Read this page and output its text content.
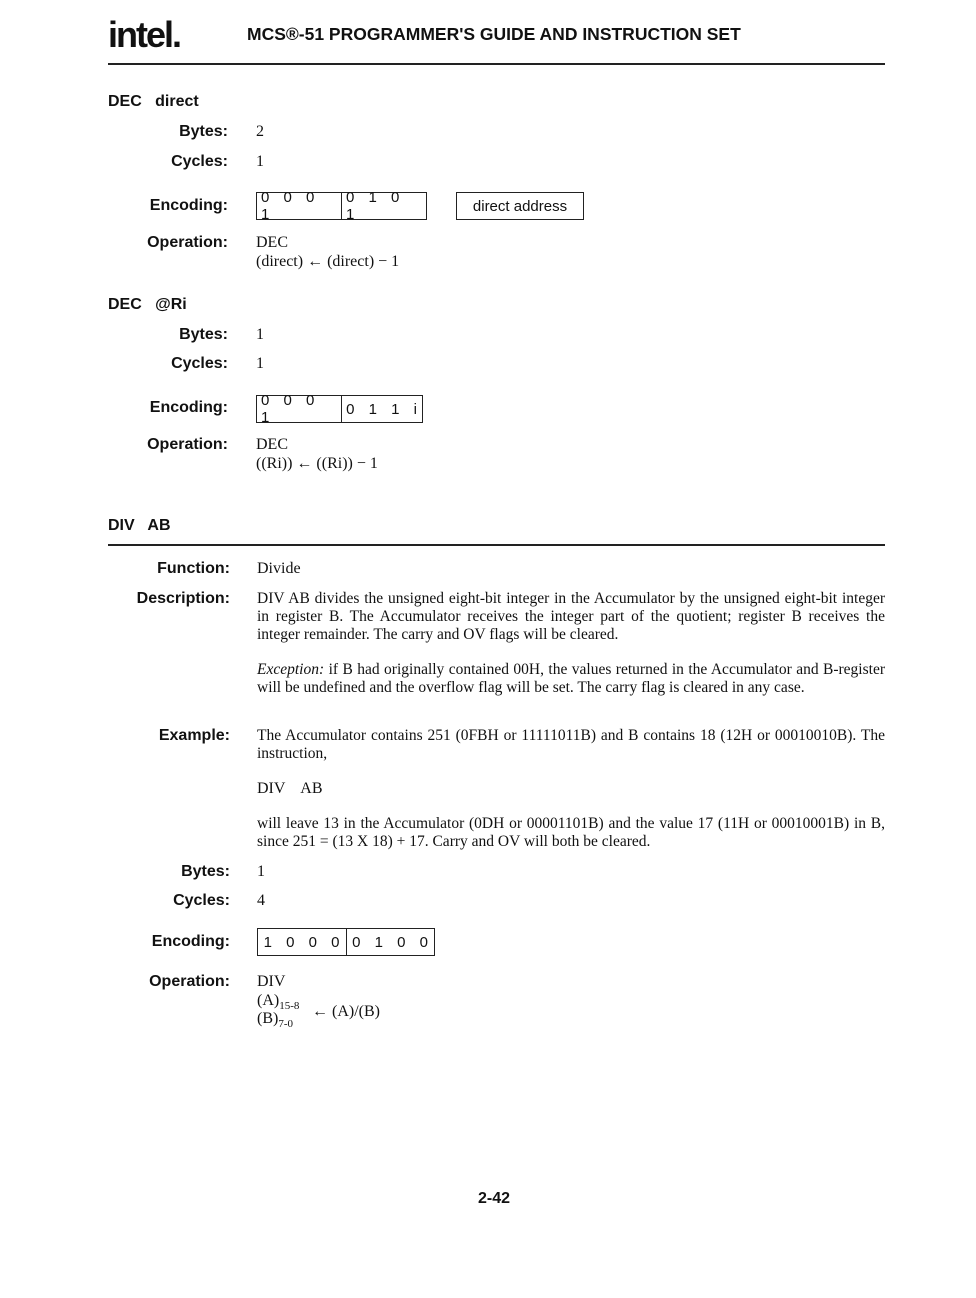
intel.	MCS®-51 PROGRAMMER'S GUIDE AND INSTRUCTION SET
DEC   direct
Bytes: 2
Cycles: 1
Encoding: 0 0 0 1
0 1 0 1	direct address
Operation: DEC
(direct) ← (direct) − 1
DEC   @Ri
Bytes: 1
Cycles: 1
Encoding: 0 0 0 1	0 1 1 i
Operation: DEC
((Ri)) ← ((Ri)) − 1
DIV   AB
Function: Divide
Description: DIV AB divides the unsigned eight-bit integer in the Accumulator by the unsigned eight-bit integer in register B. The Accumulator receives the integer part of the quotient; register B receives the integer remainder. The carry and OV flags will be cleared.
Exception: if B had originally contained 00H, the values returned in the Accumulator and B-register will be undefined and the overflow flag will be set. The carry flag is cleared in any case.
Example: The Accumulator contains 251 (0FBH or 11111011B) and B contains 18 (12H or 00010010B). The instruction,
DIV    AB
will leave 13 in the Accumulator (0DH or 00001101B) and the value 17 (11H or 00010001B) in B, since 251 = (13 X 18) + 17. Carry and OV will both be cleared.
Bytes: 1
Cycles: 4
Encoding:	1 0 0 0 0 1 0 0
Operation: DIV
$(A)_{15-8}$
$(B)_{7-0}$
← (A)/(B)
2-42
